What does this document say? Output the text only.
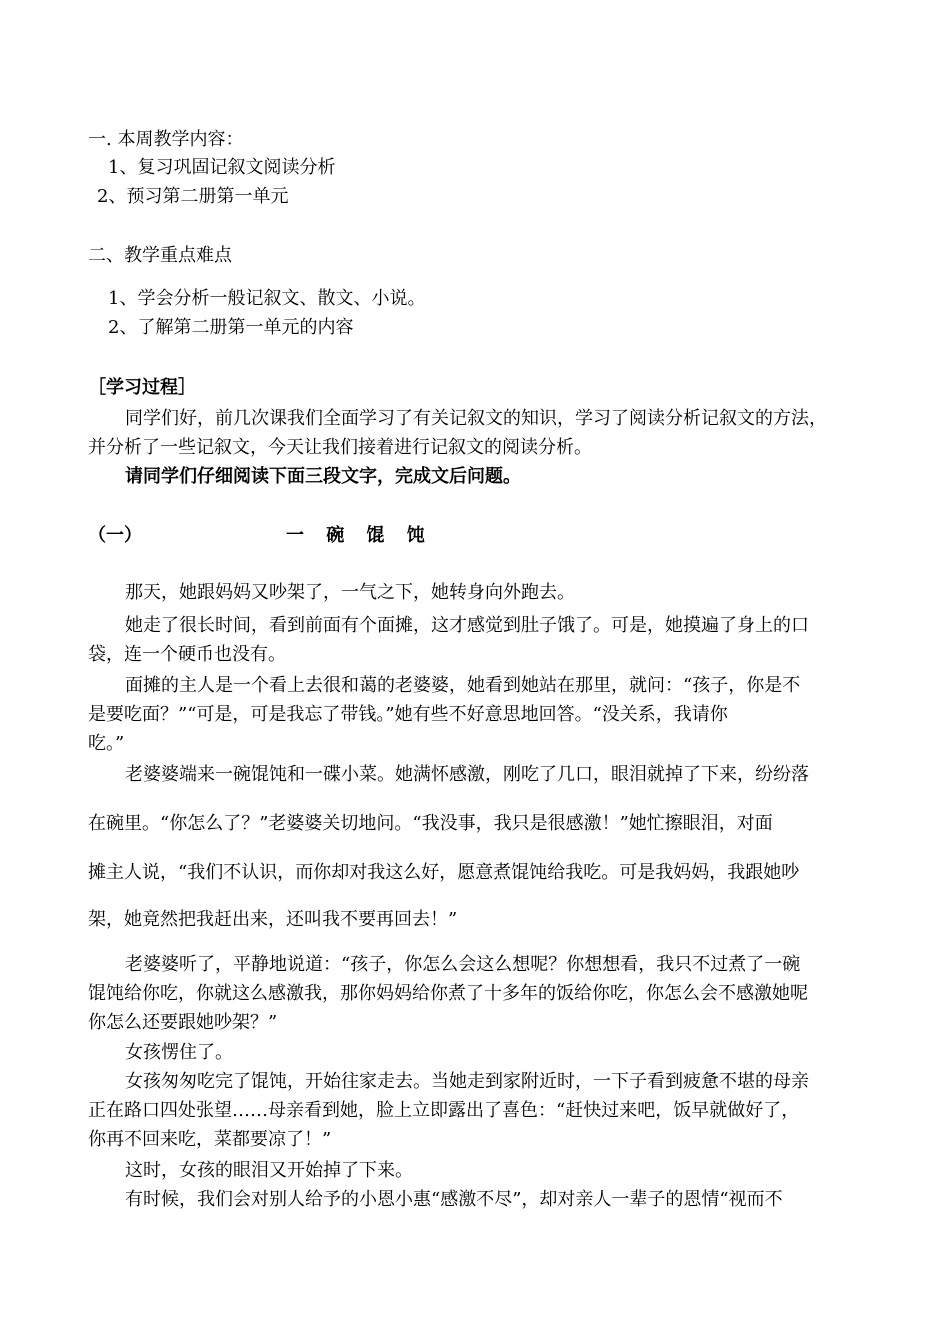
一. 本周教学内容：
1、复习巩固记叙文阅读分析
2、预习第二册第一单元
二、教学重点难点
1、学会分析一般记叙文、散文、小说。
2、了解第二册第一单元的内容
［学习过程］
同学们好，前几次课我们全面学习了有关记叙文的知识，学习了阅读分析记叙文的方法，
并分析了一些记叙文，今天让我们接着进行记叙文的阅读分析。
请同学们仔细阅读下面三段文字，完成文后问题。
（一）	一 碗 馄 饨
那天，她跟妈妈又吵架了，一气之下，她转身向外跑去。
她走了很长时间，看到前面有个面摊，这才感觉到肚子饿了。可是，她摸遍了身上的口
袋，连一个硬币也没有。
面摊的主人是一个看上去很和蔼的老婆婆，她看到她站在那里，就问：“孩子，你是不
是要吃面？”“可是，可是我忘了带钱。”她有些不好意思地回答。“没关系，我请你
吃。”
老婆婆端来一碗馄饨和一碟小菜。她满怀感激，刚吃了几口，眼泪就掉了下来，纷纷落
在碗里。“你怎么了？”老婆婆关切地问。“我没事，我只是很感激！”她忙擦眼泪，对面
摊主人说，“我们不认识，而你却对我这么好，愿意煮馄饨给我吃。可是我妈妈，我跟她吵
架，她竟然把我赶出来，还叫我不要再回去！”
老婆婆听了，平静地说道：“孩子，你怎么会这么想呢？你想想看，我只不过煮了一碗
馄饨给你吃，你就这么感激我，那你妈妈给你煮了十多年的饭给你吃，你怎么会不感激她呢
你怎么还要跟她吵架？”
女孩愣住了。
女孩匆匆吃完了馄饨，开始往家走去。当她走到家附近时，一下子看到疲惫不堪的母亲
正在路口四处张望……母亲看到她，脸上立即露出了喜色：“赶快过来吧，饭早就做好了，
你再不回来吃，菜都要凉了！”
这时，女孩的眼泪又开始掉了下来。
有时候，我们会对别人给予的小恩小惠“感激不尽”，却对亲人一辈子的恩情“视而不
